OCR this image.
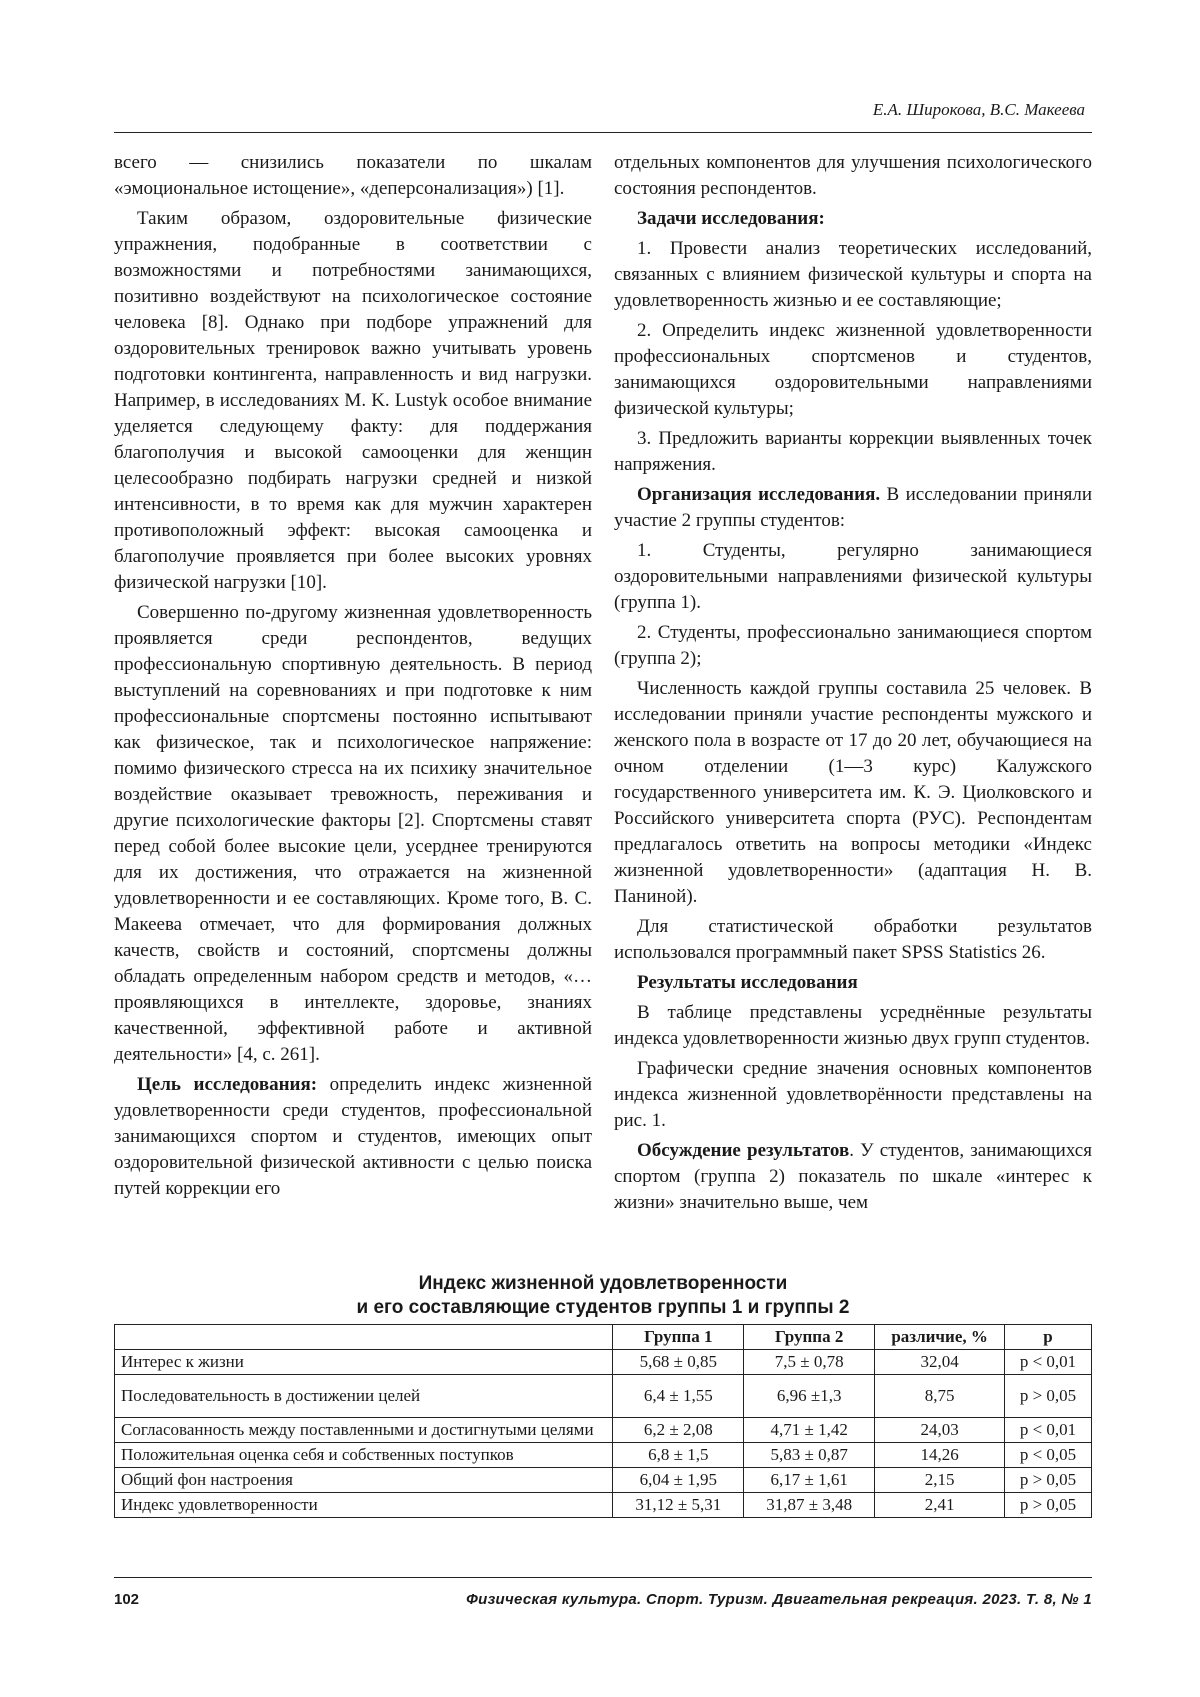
Е.А. Широкова, В.С. Макеева

всего — снизились показатели по шкалам «эмоциональное истощение», «деперсонализация») [1].

Таким образом, оздоровительные физические упражнения, подобранные в соответствии с возможностями и потребностями занимающихся, позитивно воздействуют на психологическое состояние человека [8]. Однако при подборе упражнений для оздоровительных тренировок важно учитывать уровень подготовки контингента, направленность и вид нагрузки. Например, в исследованиях M. K. Lustyk особое внимание уделяется следующему факту: для поддержания благополучия и высокой самооценки для женщин целесообразно подбирать нагрузки средней и низкой интенсивности, в то время как для мужчин характерен противоположный эффект: высокая самооценка и благополучие проявляется при более высоких уровнях физической нагрузки [10].

Совершенно по-другому жизненная удовлетворенность проявляется среди респондентов, ведущих профессиональную спортивную деятельность. В период выступлений на соревнованиях и при подготовке к ним профессиональные спортсмены постоянно испытывают как физическое, так и психологическое напряжение: помимо физического стресса на их психику значительное воздействие оказывает тревожность, переживания и другие психологические факторы [2]. Спортсмены ставят перед собой более высокие цели, усерднее тренируются для их достижения, что отражается на жизненной удовлетворенности и ее составляющих. Кроме того, В. С. Макеева отмечает, что для формирования должных качеств, свойств и состояний, спортсмены должны обладать определенным набором средств и методов, «…проявляющихся в интеллекте, здоровье, знаниях качественной, эффективной работе и активной деятельности» [4, с. 261].

Цель исследования: определить индекс жизненной удовлетворенности среди студентов, профессиональной занимающихся спортом и студентов, имеющих опыт оздоровительной физической активности с целью поиска путей коррекции его

отдельных компонентов для улучшения психологического состояния респондентов.

Задачи исследования:

1. Провести анализ теоретических исследований, связанных с влиянием физической культуры и спорта на удовлетворенность жизнью и ее составляющие;

2. Определить индекс жизненной удовлетворенности профессиональных спортсменов и студентов, занимающихся оздоровительными направлениями физической культуры;

3. Предложить варианты коррекции выявленных точек напряжения.

Организация исследования. В исследовании приняли участие 2 группы студентов:

1. Студенты, регулярно занимающиеся оздоровительными направлениями физической культуры (группа 1).

2. Студенты, профессионально занимающиеся спортом (группа 2);

Численность каждой группы составила 25 человек. В исследовании приняли участие респонденты мужского и женского пола в возрасте от 17 до 20 лет, обучающиеся на очном отделении (1—3 курс) Калужского государственного университета им. К. Э. Циолковского и Российского университета спорта (РУС). Респондентам предлагалось ответить на вопросы методики «Индекс жизненной удовлетворенности» (адаптация Н. В. Паниной).

Для статистической обработки результатов использовался программный пакет SPSS Statistics 26.

Результаты исследования

В таблице представлены усреднённые результаты индекса удовлетворенности жизнью двух групп студентов.

Графически средние значения основных компонентов индекса жизненной удовлетворённости представлены на рис. 1.

Обсуждение результатов. У студентов, занимающихся спортом (группа 2) показатель по шкале «интерес к жизни» значительно выше, чем

Индекс жизненной удовлетворенности
и его составляющие студентов группы 1 и группы 2
	Группа 1	Группа 2	различие, %	p
Интерес к жизни	5,68 ± 0,85	7,5 ± 0,78	32,04	p < 0,01
Последовательность в достижении целей	6,4 ± 1,55	6,96 ±1,3	8,75	p > 0,05
Согласованность между поставленными и достигнутыми целями	6,2 ± 2,08	4,71 ± 1,42	24,03	p < 0,01
Положительная оценка себя и собственных поступков	6,8 ± 1,5	5,83 ± 0,87	14,26	p < 0,05
Общий фон настроения	6,04 ± 1,95	6,17 ± 1,61	2,15	p > 0,05
Индекс удовлетворенности	31,12 ± 5,31	31,87 ± 3,48	2,41	p > 0,05
102	Физическая культура. Спорт. Туризм. Двигательная рекреация. 2023. Т. 8, № 1
